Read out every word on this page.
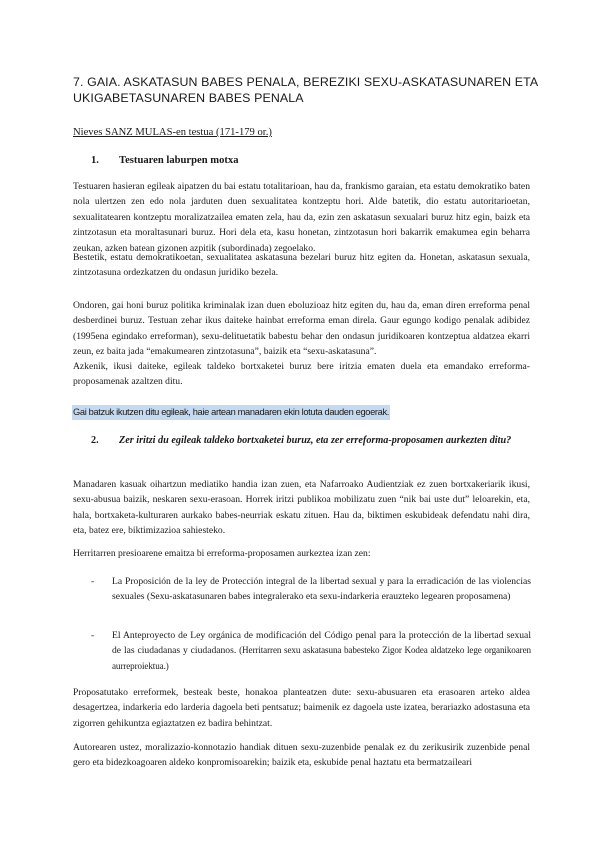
7. GAIA. ASKATASUN BABES PENALA, BEREZIKI SEXU-ASKATASUNAREN ETA UKIGABETASUNAREN BABES PENALA
Nieves SANZ MULAS-en testua (171-179 or.)
1. Testuaren laburpen motxa
Testuaren hasieran egileak aipatzen du bai estatu totalitarioan, hau da, frankismo garaian, eta estatu demokratiko baten nola ulertzen zen edo nola jarduten duen sexualitatea kontzeptu hori. Alde batetik, dio estatu autoritarioetan, sexualitatearen kontzeptu moralizatzailea ematen zela, hau da, ezin zen askatasun sexualari buruz hitz egin, baizk eta zintzotasun eta moraltasunari buruz. Hori dela eta, kasu honetan, zintzotasun hori bakarrik emakumea egin beharra zeukan, azken batean gizonen azpitik (subordinada) zegoelako.
Bestetik, estatu demokratikoetan, sexualitatea askatasuna bezelari buruz hitz egiten da. Honetan, askatasun sexuala, zintzotasuna ordezkatzen du ondasun juridiko bezela.
Ondoren, gai honi buruz politika kriminalak izan duen eboluzioaz hitz egiten du, hau da, eman diren erreforma penal desberdinei buruz. Testuan zehar ikus daiteke hainbat erreforma eman direla. Gaur egungo kodigo penalak adibidez (1995ena egindako erreforman), sexu-delituetatik babestu behar den ondasun juridikoaren kontzeptua aldatzea ekarri zeun, ez baita jada “emakumearen zintzotasuna”, baizik eta “sexu-askatasuna”.
Azkenik, ikusi daiteke, egileak taldeko bortxaketei buruz bere iritzia ematen duela eta emandako erreforma-proposamenak azaltzen ditu.
Gai batzuk ikutzen ditu egileak, haie artean manadaren ekin lotuta dauden egoerak.
2. Zer iritzi du egileak taldeko bortxaketei buruz, eta zer erreforma-proposamen aurkezten ditu?
Manadaren kasuak oihartzun mediatiko handia izan zuen, eta Nafarroako Audientziak ez zuen bortxakeriarik ikusi, sexu-abusua baizik, neskaren sexu-erasoan. Horrek iritzi publikoa mobilizatu zuen “nik bai uste dut” leloarekin, eta, hala, bortxaketa-kulturaren aurkako babes-neurriak eskatu zituen. Hau da, biktimen eskubideak defendatu nahi dira, eta, batez ere, biktimizazioa sahiesteko.
Herritarren presioarene emaitza bi erreforma-proposamen aurkeztea izan zen:
- La Proposición de la ley de Protección integral de la libertad sexual y para la erradicación de las violencias sexuales (Sexu-askatasunaren babes integralerako eta sexu-indarkeria erauzteko legearen proposamena)
- El Anteproyecto de Ley orgánica de modificación del Código penal para la protección de la libertad sexual de las ciudadanas y ciudadanos. (Herritarren sexu askatasuna babesteko Zigor Kodea aldatzeko lege organikoaren aurreproiektua.)
Proposatutako erreformek, besteak beste, honakoa planteatzen dute: sexu-abusuaren eta erasoaren arteko aldea desagertzea, indarkeria edo larderia dagoela beti pentsatuz; baimenik ez dagoela uste izatea, berariazko adostasuna eta zigorren gehikuntza egiaztatzen ez badira behintzat.
Autorearen ustez, moralizazio-konnotazio handiak dituen sexu-zuzenbide penalak ez du zerikusirik zuzenbide penal gero eta bidezkoagoaren aldeko konpromisoarekin; baizik eta, eskubide penal haztatu eta bermatzaileari
